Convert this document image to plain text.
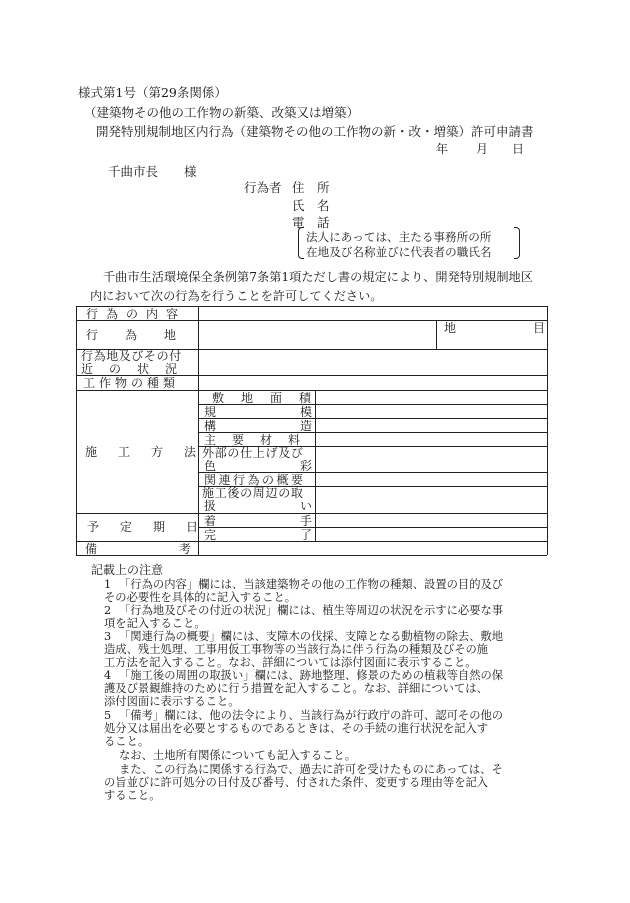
様式第1号（第29条関係）
（建築物その他の工作物の新築、改築又は増築）
開発特別規制地区内行為（建築物その他の工作物の新・改・増築）許可申請書
年 月 日
千曲市長 様
行為者 住　所
氏　名
電　話
法人にあっては、主たる事務所の所
在地及び名称並びに代表者の職氏名
千曲市生活環境保全条例第7条第1項ただし書の規定により、開発特別規制地区
内において次の行為を行うことを許可してください。
行為の内容
行為地
行為地及びその付
近の状況
工作物の種類
施工方法
予定期日
備考
地目
敷地面積
規模
構造
主要材料
外部の仕上げ及び
色彩
関連行為の概要
施工後の周辺の取
扱い
着手
完了
記載上の注意
1 「行為の内容」欄には、当該建築物その他の工作物の種類、設置の目的及び
その必要性を具体的に記入すること。
2 「行為地及びその付近の状況」欄には、植生等周辺の状況を示すに必要な事
項を記入すること。
3 「関連行為の概要」欄には、支障木の伐採、支障となる動植物の除去、敷地
造成、残土処理、工事用仮工事物等の当該行為に伴う行為の種類及びその施
工方法を記入すること。なお、詳細については添付図面に表示すること。
4 「施工後の周囲の取扱い」欄には、跡地整理、修景のための植栽等自然の保
護及び景観維持のために行う措置を記入すること。なお、詳細については、
添付図面に表示すること。
5 「備考」欄には、他の法令により、当該行為が行政庁の許可、認可その他の
処分又は届出を必要とするものであるときは、その手続の進行状況を記入す
ること。
なお、土地所有関係についても記入すること。
また、この行為に関係する行為で、過去に許可を受けたものにあっては、そ
の旨並びに許可処分の日付及び番号、付された条件、変更する理由等を記入
すること。
